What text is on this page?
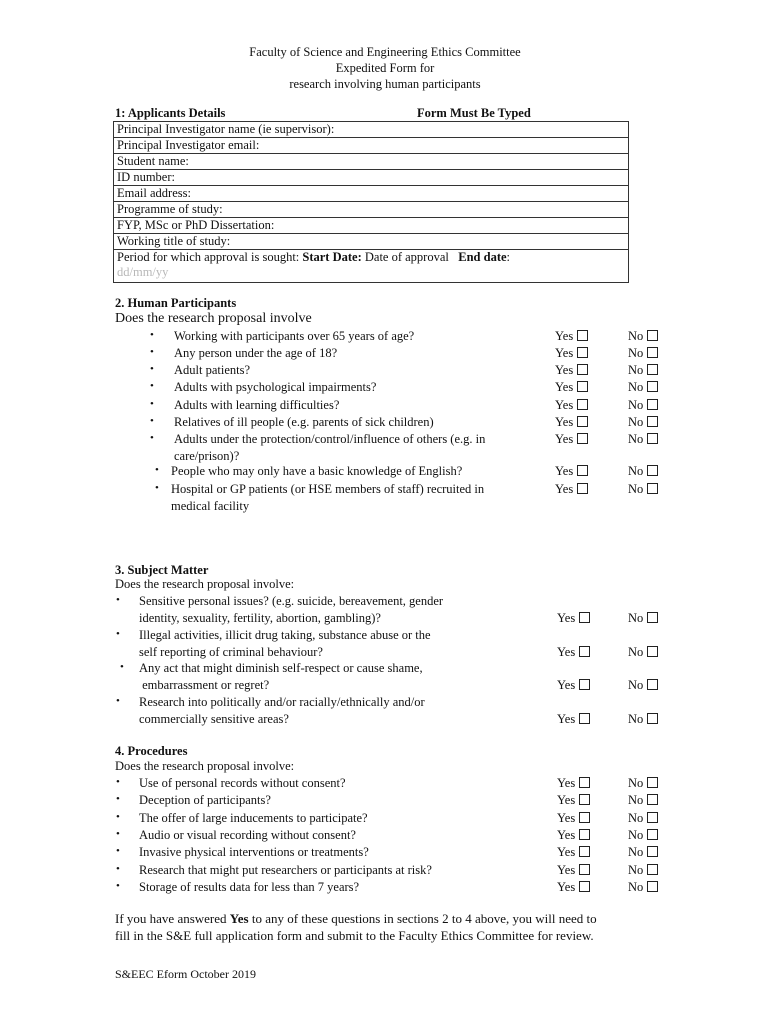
Faculty of Science and Engineering Ethics Committee
Expedited Form for
research involving human participants
1: Applicants Details	Form Must Be Typed
Principal Investigator name (ie supervisor):
Principal Investigator email:
Student name:
ID number:
Email address:
Programme of study:
FYP, MSc or PhD Dissertation:
Working title of study:
Period for which approval is sought: Start Date: Date of approval End date:
dd/mm/yy
2. Human Participants
Does the research proposal involve
• Working with participants over 65 years of age?	Yes	No
• Any person under the age of 18?	Yes	No
• Adult patients?	Yes	No
• Adults with psychological impairments?	Yes	No
• Adults with learning difficulties?	Yes	No
• Relatives of ill people (e.g. parents of sick children)	Yes	No
• Adults under the protection/control/influence of others (e.g. in
care/prison)?
Yes	No
• People who may only have a basic knowledge of English?	Yes	No
• Hospital or GP patients (or HSE members of staff) recruited in
medical facility
Yes	No
3. Subject Matter
Does the research proposal involve:
• Sensitive personal issues? (e.g. suicide, bereavement, gender
identity, sexuality, fertility, abortion, gambling)?	Yes	No
• Illegal activities, illicit drug taking, substance abuse or the
self reporting of criminal behaviour?	Yes	No
• Any act that might diminish self-respect or cause shame,
embarrassment or regret?	Yes	No
• Research into politically and/or racially/ethnically and/or
commercially sensitive areas?	Yes	No
4. Procedures
Does the research proposal involve:
• Use of personal records without consent?	Yes	No
• Deception of participants?	Yes	No
• The offer of large inducements to participate?	Yes	No
• Audio or visual recording without consent?	Yes	No
• Invasive physical interventions or treatments?	Yes	No
• Research that might put researchers or participants at risk?	Yes	No
• Storage of results data for less than 7 years?	Yes	No
If you have answered Yes to any of these questions in sections 2 to 4 above, you will need to
fill in the S&E full application form and submit to the Faculty Ethics Committee for review.
S&EEC Eform October 2019
